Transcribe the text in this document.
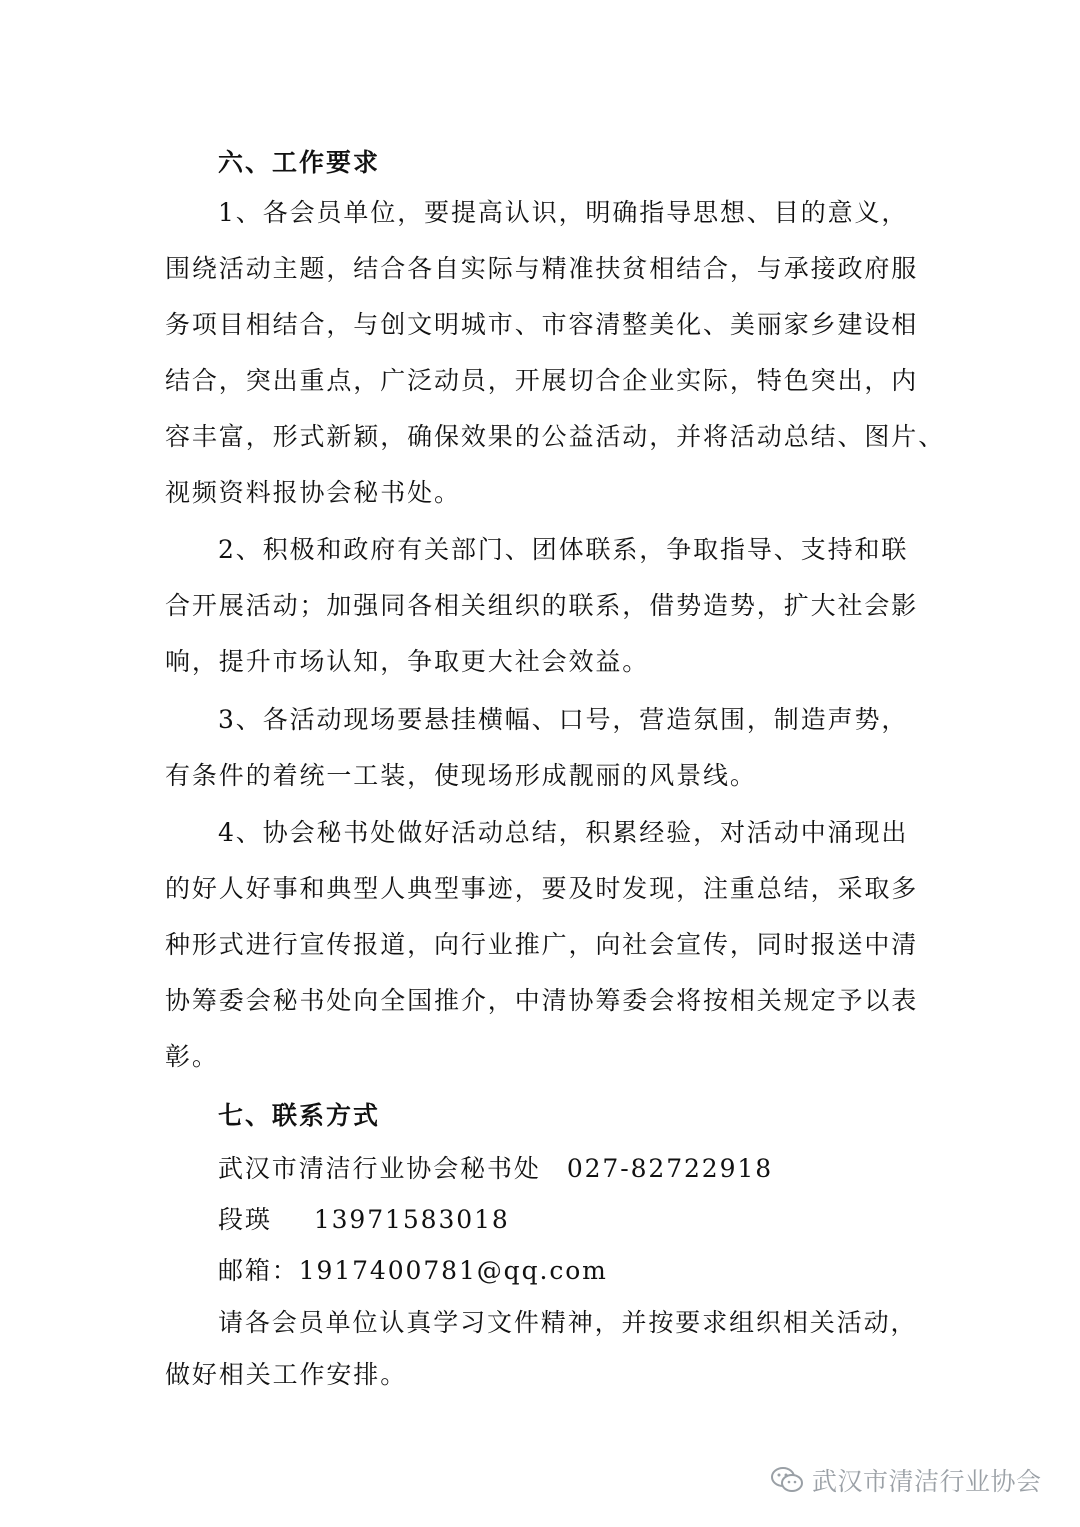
六、工作要求
1、各会员单位，要提高认识，明确指导思想、目的意义，
围绕活动主题，结合各自实际与精准扶贫相结合，与承接政府服
务项目相结合，与创文明城市、市容清整美化、美丽家乡建设相
结合，突出重点，广泛动员，开展切合企业实际，特色突出，内
容丰富，形式新颖，确保效果的公益活动，并将活动总结、图片、
视频资料报协会秘书处。
2、积极和政府有关部门、团体联系，争取指导、支持和联
合开展活动；加强同各相关组织的联系，借势造势，扩大社会影
响，提升市场认知，争取更大社会效益。
3、各活动现场要悬挂横幅、口号，营造氛围，制造声势，
有条件的着统一工装，使现场形成靓丽的风景线。
4、协会秘书处做好活动总结，积累经验，对活动中涌现出
的好人好事和典型人典型事迹，要及时发现，注重总结，采取多
种形式进行宣传报道，向行业推广，向社会宣传，同时报送中清
协筹委会秘书处向全国推介，中清协筹委会将按相关规定予以表
彰。
七、联系方式
武汉市清洁行业协会秘书处 027-82722918
段瑛 13971583018
邮箱：1917400781@qq.com
请各会员单位认真学习文件精神，并按要求组织相关活动，
做好相关工作安排。
武汉市清洁行业协会
